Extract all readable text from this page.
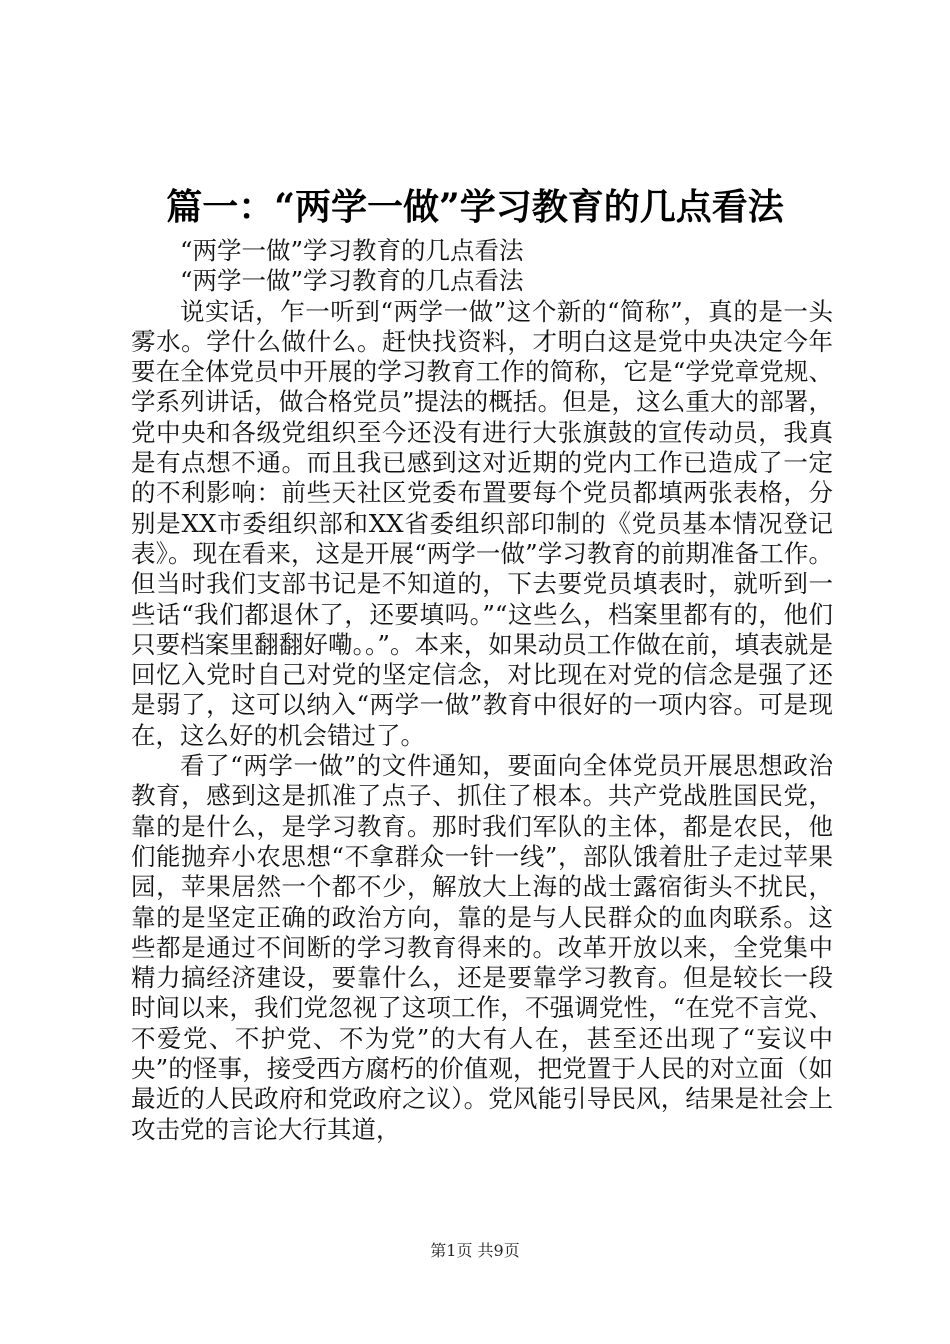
篇一：“两学一做”学习教育的几点看法

“两学一做”学习教育的几点看法

“两学一做”学习教育的几点看法

说实话，乍一听到“两学一做”这个新的“简称”，真的是一头雾水。学什么做什么。赶快找资料，才明白这是党中央决定今年要在全体党员中开展的学习教育工作的简称，它是“学党章党规、学系列讲话，做合格党员”提法的概括。但是，这么重大的部署，党中央和各级党组织至今还没有进行大张旗鼓的宣传动员，我真是有点想不通。而且我已感到这对近期的党内工作已造成了一定的不利影响：前些天社区党委布置要每个党员都填两张表格，分别是XX市委组织部和XX省委组织部印制的《党员基本情况登记表》。现在看来，这是开展“两学一做”学习教育的前期准备工作。但当时我们支部书记是不知道的，下去要党员填表时，就听到一些话“我们都退休了，还要填吗。”“这些么，档案里都有的，他们只要档案里翻翻好嘞。。”。本来，如果动员工作做在前，填表就是回忆入党时自己对党的坚定信念，对比现在对党的信念是强了还是弱了，这可以纳入“两学一做”教育中很好的一项内容。可是现在，这么好的机会错过了。

看了“两学一做”的文件通知，要面向全体党员开展思想政治教育，感到这是抓准了点子、抓住了根本。共产党战胜国民党，靠的是什么，是学习教育。那时我们军队的主体，都是农民，他们能抛弃小农思想“不拿群众一针一线”，部队饿着肚子走过苹果园，苹果居然一个都不少，解放大上海的战士露宿街头不扰民，靠的是坚定正确的政治方向，靠的是与人民群众的血肉联系。这些都是通过不间断的学习教育得来的。改革开放以来，全党集中精力搞经济建设，要靠什么，还是要靠学习教育。但是较长一段时间以来，我们党忽视了这项工作，不强调党性，“在党不言党、不爱党、不护党、不为党”的大有人在，甚至还出现了“妄议中央”的怪事，接受西方腐朽的价值观，把党置于人民的对立面（如最近的人民政府和党政府之议）。党风能引导民风，结果是社会上攻击党的言论大行其道，

第1页 共9页
